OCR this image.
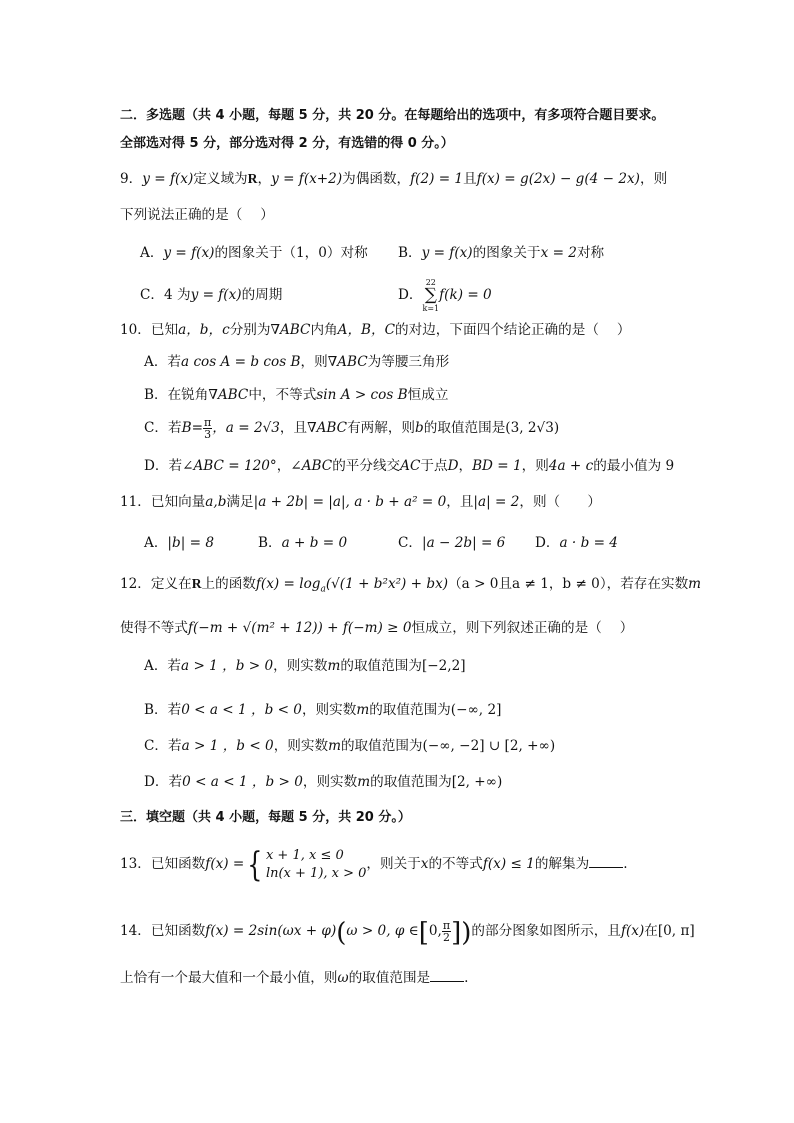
二．多选题（共 4 小题，每题 5 分，共 20 分。在每题给出的选项中，有多项符合题目要求。
全部选对得 5 分，部分选对得 2 分，有选错的得 0 分。）
9．y = f(x)定义域为R，y = f(x+2)为偶函数，f(2) = 1且f(x) = g(2x) − g(4 − 2x)，则
下列说法正确的是（　 ）
A．y = f(x)的图象关于（1，0）对称 B．y = f(x)的图象关于x = 2对称
C．4 为y = f(x)的周期	D．22
∑
k=1f(k) = 0
10．已知a，b，c分别为∇ABC内角A，B，C的对边，下面四个结论正确的是（　 ）
A．若a cos A = b cos B，则∇ABC为等腰三角形
B．在锐角∇ABC中，不等式sin A > cos B恒成立
C．若$B= \frac{\pi}{3}$ ，a = 2√3，且∇ABC有两解，则b的取值范围是(3, 2√3)
D．若∠ABC = 120°，∠ABC的平分线交AC于点D，BD = 1，则4a + c的最小值为 9
11．已知向量a,b满足|a + 2b| = |a|, a · b + a² = 0，且|a| = 2，则（　　）
A．|b| = 8	B．a + b = 0	C．|a − 2b| = 6 D．a · b = 4
12．定义在R上的函数$f(x) = \log_a(√(1 + b^2x^2) + bx)(a > 0$且a ≠ 1，b ≠ 0），若存在实数m
使得不等式f(−m + √(m² + 12)) + f(−m) ≥ 0恒成立，则下列叙述正确的是（　 ）
A．若a > 1 ，b > 0，则实数m的取值范围为[−2,2]
B．若0 < a < 1 ，b < 0，则实数m的取值范围为(−∞, 2]
C．若a > 1 ，b < 0，则实数m的取值范围为(−∞, −2] ∪ [2, +∞)
D．若0 < a < 1 ，b > 0，则实数m的取值范围为[2, +∞)
三．填空题（共 4 小题，每题 5 分，共 20 分。）
13．已知函数f(x) ={ x + 1, x ≤ 0
ln(x + 1), x > 0
，则关于x的不等式f(x) ≤ 1的解集为	.
14．已知函数f(x) = 2sin(ωx + φ)(ω > 0, φ ∈[0, $\frac{\pi}{2}$ ])的部分图象如图所示，且f(x)在[0, π]
上恰有一个最大值和一个最小值，则ω的取值范围是	.
